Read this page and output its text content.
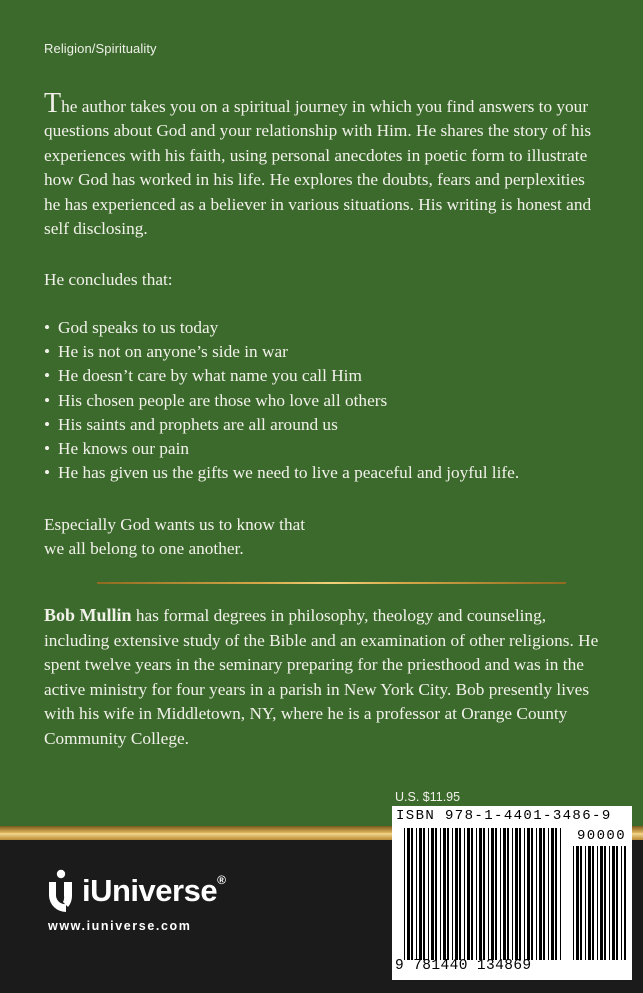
Religion/Spirituality

The author takes you on a spiritual journey in which you find answers to your questions about God and your relationship with Him. He shares the story of his experiences with his faith, using personal anecdotes in poetic form to illustrate how God has worked in his life. He explores the doubts, fears and perplexities he has experienced as a believer in various situations. His writing is honest and self disclosing.

He concludes that:

• God speaks to us today
• He is not on anyone’s side in war
• He doesn’t care by what name you call Him
• His chosen people are those who love all others
• His saints and prophets are all around us
• He knows our pain
• He has given us the gifts we need to live a peaceful and joyful life.

Especially God wants us to know that
we all belong to one another.

Bob Mullin has formal degrees in philosophy, theology and counseling, including extensive study of the Bible and an examination of other religions. He spent twelve years in the seminary preparing for the priesthood and was in the active ministry for four years in a parish in New York City. Bob presently lives with his wife in Middletown, NY, where he is a professor at Orange County Community College.

U.S. $11.95
iUniverse®
www.iuniverse.com
ISBN 978-1-4401-3486-9
90000
9 781440 134869
